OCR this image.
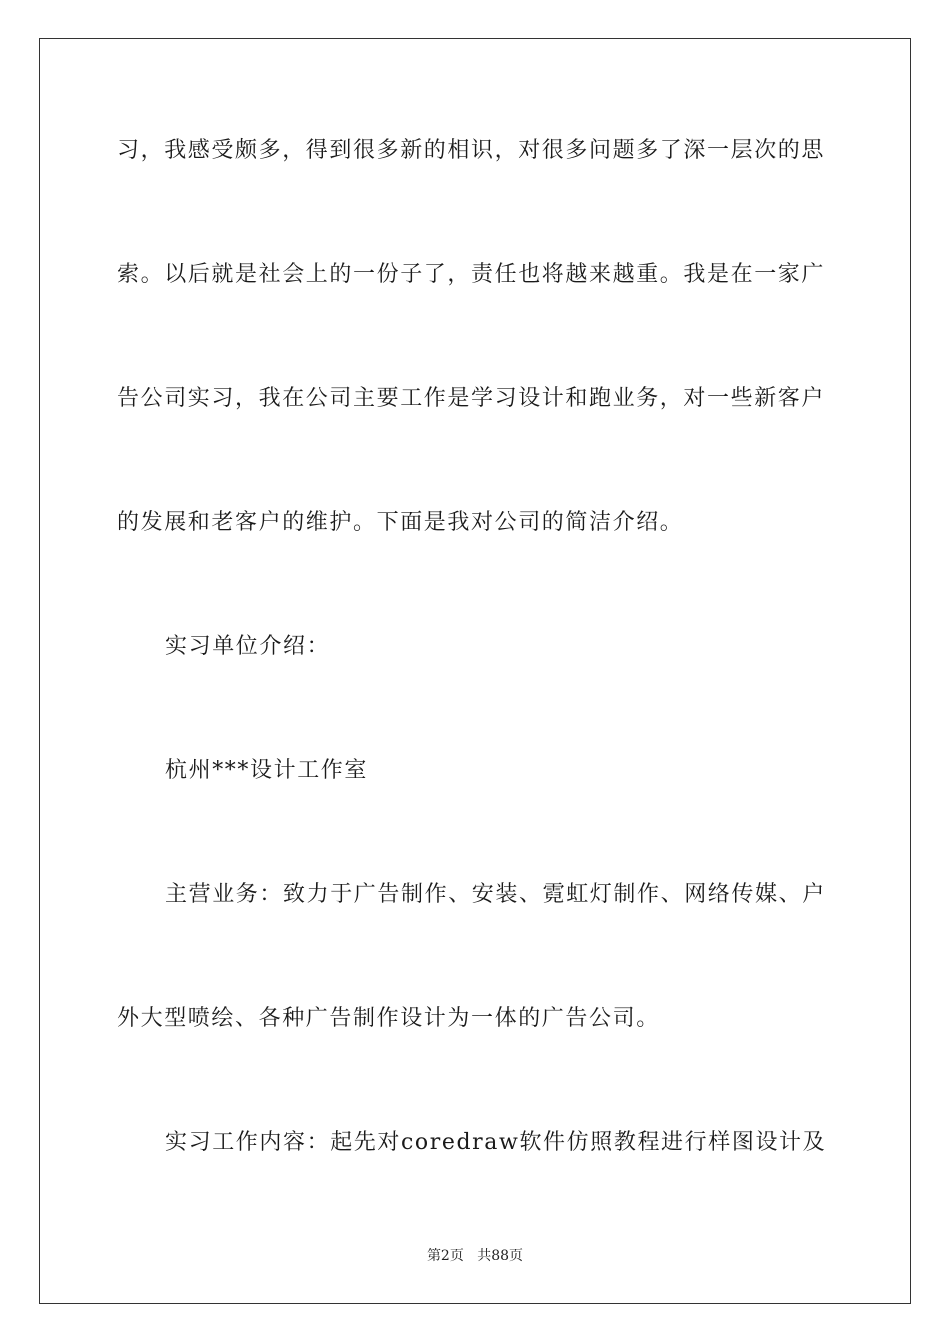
习，我感受颇多，得到很多新的相识，对很多问题多了深一层次的思
索。以后就是社会上的一份子了，责任也将越来越重。我是在一家广
告公司实习，我在公司主要工作是学习设计和跑业务，对一些新客户
的发展和老客户的维护。下面是我对公司的简洁介绍。
实习单位介绍：
杭州***设计工作室
主营业务：致力于广告制作、安装、霓虹灯制作、网络传媒、户
外大型喷绘、各种广告制作设计为一体的广告公司。
实习工作内容：起先对coredraw软件仿照教程进行样图设计及
第2页 共88页
